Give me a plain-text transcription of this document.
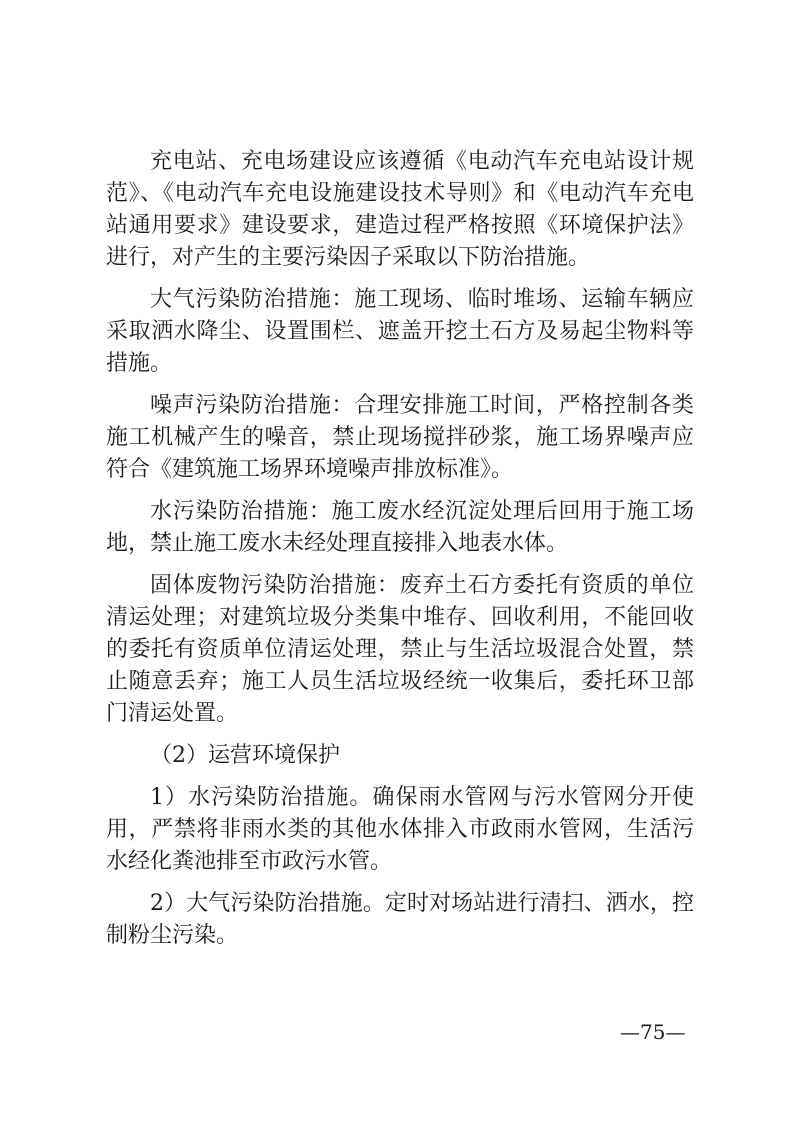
充电站、充电场建设应该遵循《电动汽车充电站设计规范》、《电动汽车充电设施建设技术导则》和《电动汽车充电站通用要求》建设要求，建造过程严格按照《环境保护法》进行，对产生的主要污染因子采取以下防治措施。

大气污染防治措施：施工现场、临时堆场、运输车辆应采取洒水降尘、设置围栏、遮盖开挖土石方及易起尘物料等措施。

噪声污染防治措施：合理安排施工时间，严格控制各类施工机械产生的噪音，禁止现场搅拌砂浆，施工场界噪声应符合《建筑施工场界环境噪声排放标准》。

水污染防治措施：施工废水经沉淀处理后回用于施工场地，禁止施工废水未经处理直接排入地表水体。

固体废物污染防治措施：废弃土石方委托有资质的单位清运处理；对建筑垃圾分类集中堆存、回收利用，不能回收的委托有资质单位清运处理，禁止与生活垃圾混合处置，禁止随意丢弃；施工人员生活垃圾经统一收集后，委托环卫部门清运处置。

（2）运营环境保护

1）水污染防治措施。确保雨水管网与污水管网分开使用，严禁将非雨水类的其他水体排入市政雨水管网，生活污水经化粪池排至市政污水管。

2）大气污染防治措施。定时对场站进行清扫、洒水，控制粉尘污染。

—75—
